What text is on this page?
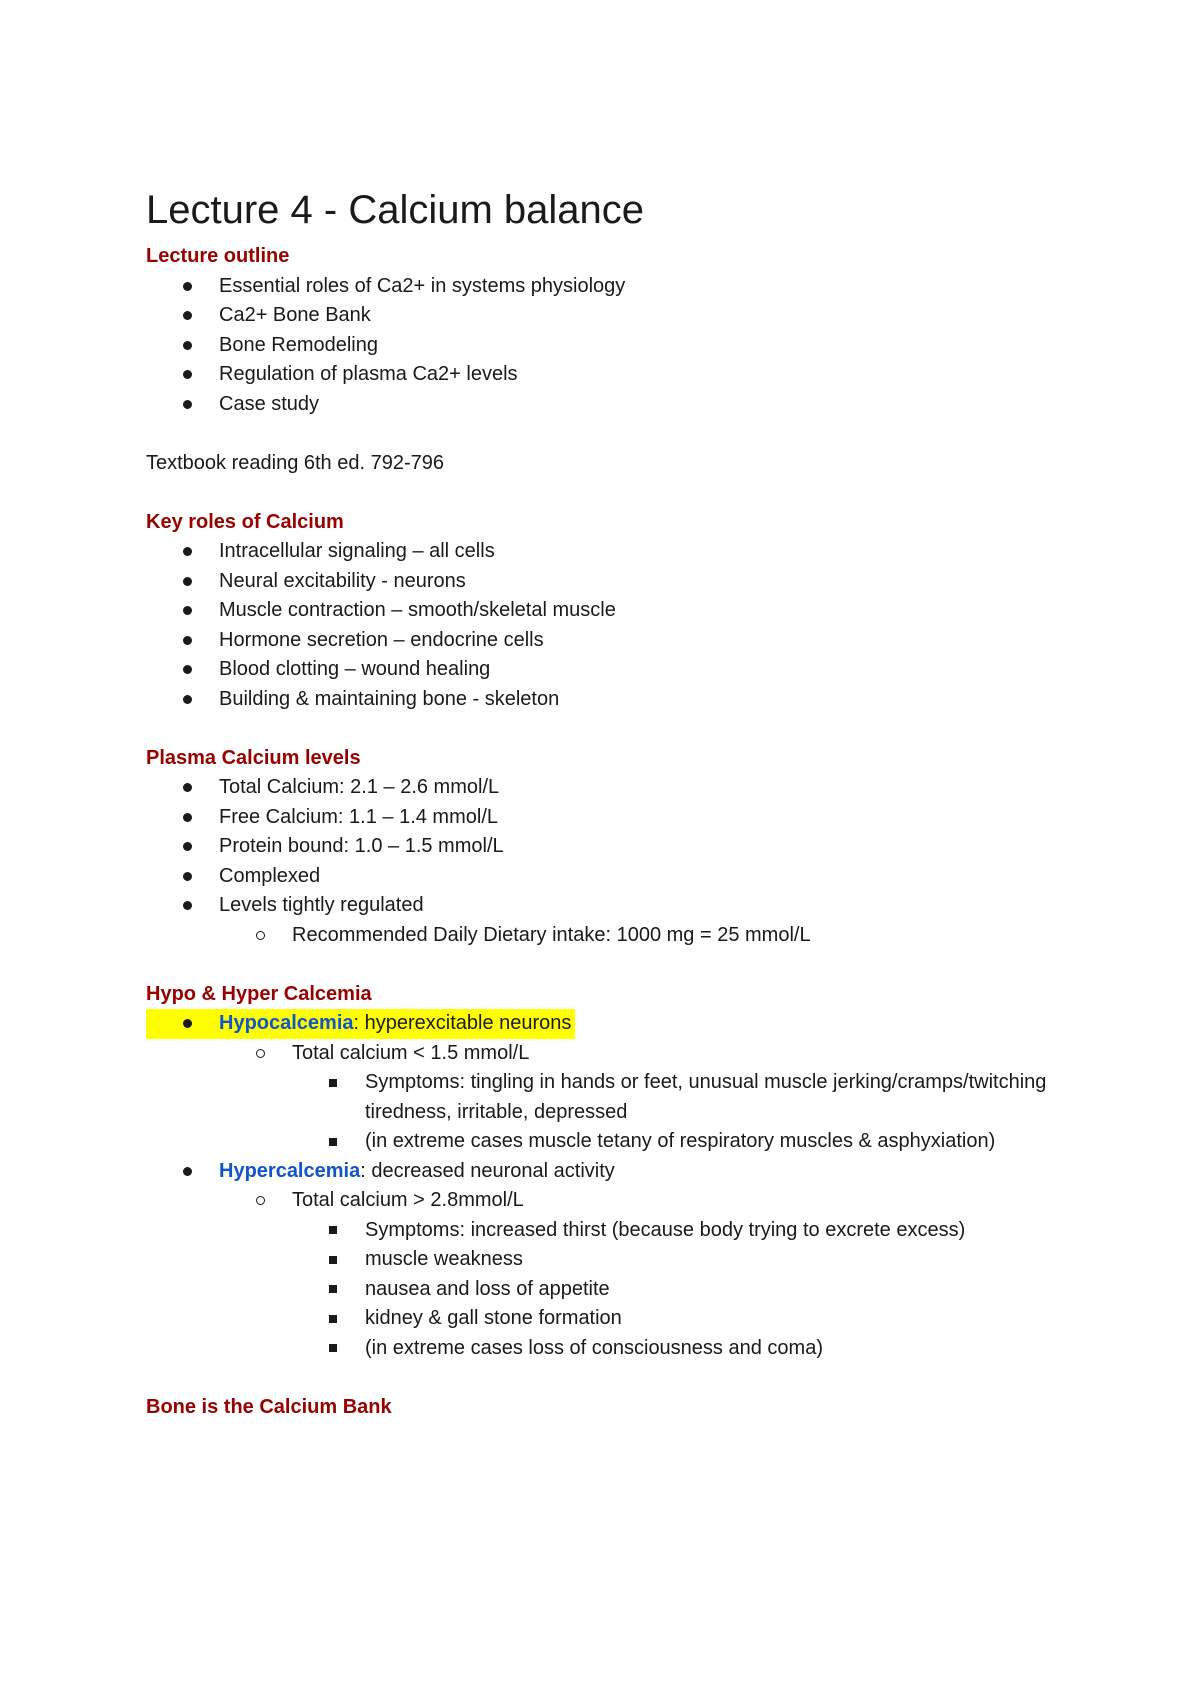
Lecture 4 - Calcium balance
Lecture outline
Essential roles of Ca2+ in systems physiology
Ca2+ Bone Bank
Bone Remodeling
Regulation of plasma Ca2+ levels
Case study

Textbook reading 6th ed. 792-796

Key roles of Calcium
Intracellular signaling – all cells
Neural excitability - neurons
Muscle contraction – smooth/skeletal muscle
Hormone secretion – endocrine cells
Blood clotting – wound healing
Building & maintaining bone - skeleton
Plasma Calcium levels
Total Calcium: 2.1 – 2.6 mmol/L
Free Calcium: 1.1 – 1.4 mmol/L
Protein bound: 1.0 – 1.5 mmol/L
Complexed
Levels tightly regulated
Recommended Daily Dietary intake: 1000 mg = 25 mmol/L
Hypo & Hyper Calcemia
Hypocalcemia: hyperexcitable neurons
Total calcium < 1.5 mmol/L
Symptoms: tingling in hands or feet, unusual muscle jerking/cramps/twitching tiredness, irritable, depressed
(in extreme cases muscle tetany of respiratory muscles & asphyxiation)
Hypercalcemia: decreased neuronal activity
Total calcium > 2.8mmol/L
Symptoms: increased thirst (because body trying to excrete excess)
muscle weakness
nausea and loss of appetite
kidney & gall stone formation
(in extreme cases loss of consciousness and coma)
Bone is the Calcium Bank
